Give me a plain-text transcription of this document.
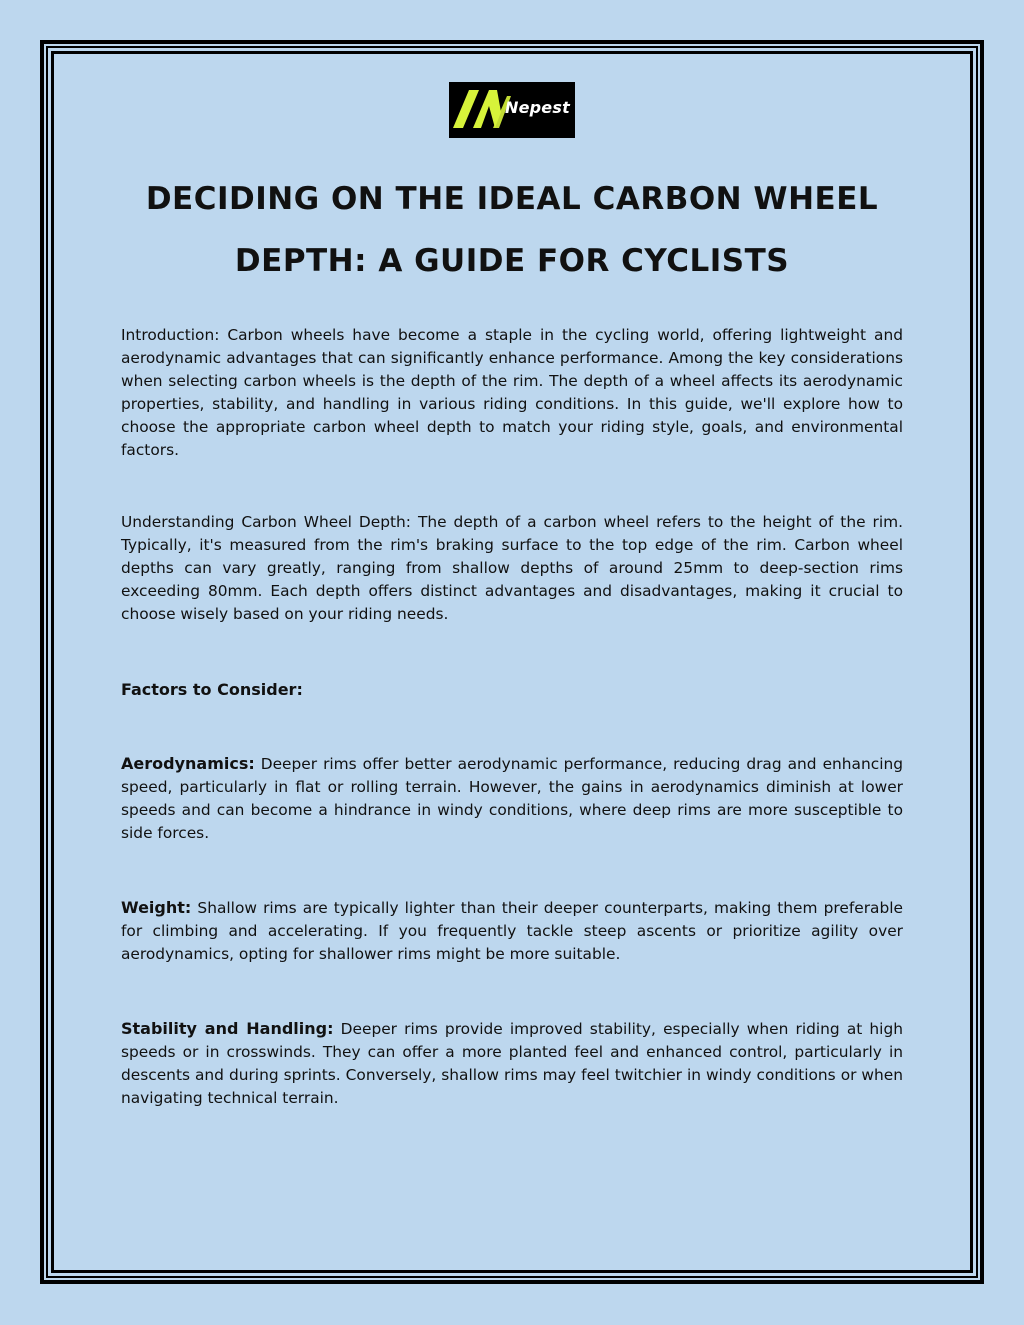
Nepest
DECIDING ON THE IDEAL CARBON WHEEL
DEPTH: A GUIDE FOR CYCLISTS

Introduction: Carbon wheels have become a staple in the cycling world, offering lightweight and aerodynamic advantages that can significantly enhance performance. Among the key considerations when selecting carbon wheels is the depth of the rim. The depth of a wheel affects its aerodynamic properties, stability, and handling in various riding conditions. In this guide, we'll explore how to choose the appropriate carbon wheel depth to match your riding style, goals, and environmental factors.

Understanding Carbon Wheel Depth: The depth of a carbon wheel refers to the height of the rim. Typically, it's measured from the rim's braking surface to the top edge of the rim. Carbon wheel depths can vary greatly, ranging from shallow depths of around 25mm to deep-section rims exceeding 80mm. Each depth offers distinct advantages and disadvantages, making it crucial to choose wisely based on your riding needs.

Factors to Consider:

Aerodynamics: Deeper rims offer better aerodynamic performance, reducing drag and enhancing speed, particularly in flat or rolling terrain. However, the gains in aerodynamics diminish at lower speeds and can become a hindrance in windy conditions, where deep rims are more susceptible to side forces.

Weight: Shallow rims are typically lighter than their deeper counterparts, making them preferable for climbing and accelerating. If you frequently tackle steep ascents or prioritize agility over aerodynamics, opting for shallower rims might be more suitable.

Stability and Handling: Deeper rims provide improved stability, especially when riding at high speeds or in crosswinds. They can offer a more planted feel and enhanced control, particularly in descents and during sprints. Conversely, shallow rims may feel twitchier in windy conditions or when navigating technical terrain.
